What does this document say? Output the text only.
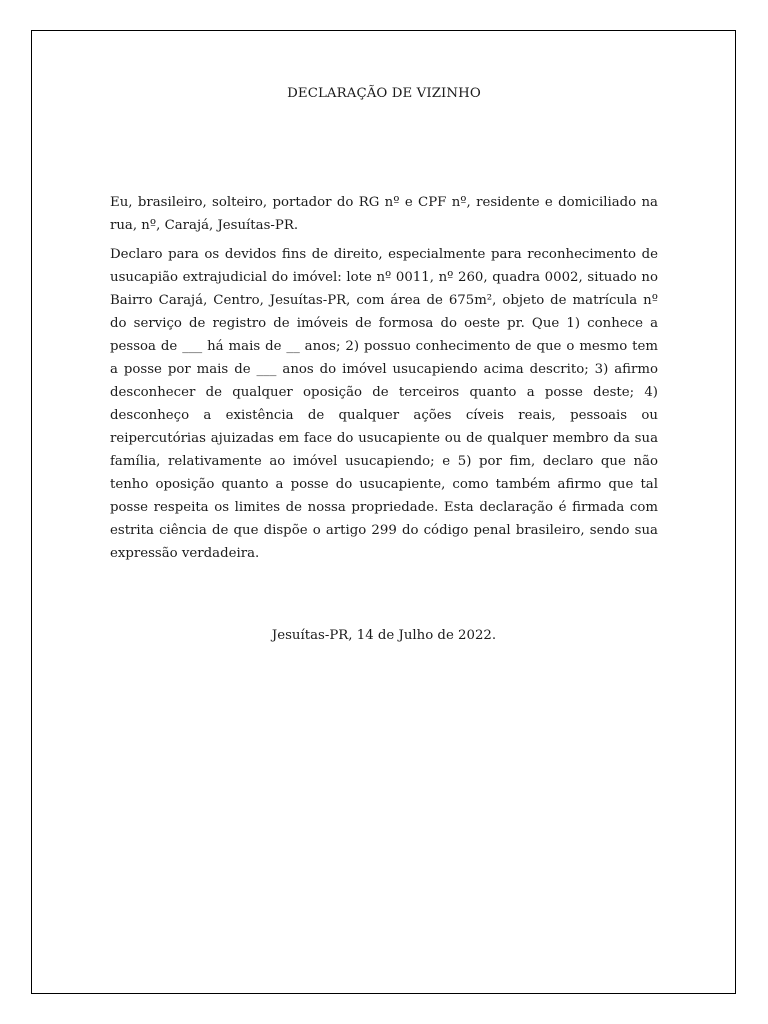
DECLARAÇÃO DE VIZINHO

Eu, brasileiro, solteiro, portador do RG nº e CPF nº, residente e domiciliado na rua, nº, Carajá, Jesuítas-PR.

Declaro para os devidos fins de direito, especialmente para reconhecimento de usucapião extrajudicial do imóvel: lote nº 0011, nº 260, quadra 0002, situado no Bairro Carajá, Centro, Jesuítas-PR, com área de 675m², objeto de matrícula nº do serviço de registro de imóveis de formosa do oeste pr. Que 1) conhece a pessoa de ___ há mais de __ anos; 2) possuo conhecimento de que o mesmo tem a posse por mais de ___ anos do imóvel usucapiendo acima descrito; 3) afirmo desconhecer de qualquer oposição de terceiros quanto a posse deste; 4) desconheço a existência de qualquer ações cíveis reais, pessoais ou reipercutórias ajuizadas em face do usucapiente ou de qualquer membro da sua família, relativamente ao imóvel usucapiendo; e 5) por fim, declaro que não tenho oposição quanto a posse do usucapiente, como também afirmo que tal posse respeita os limites de nossa propriedade. Esta declaração é firmada com estrita ciência de que dispõe o artigo 299 do código penal brasileiro, sendo sua expressão verdadeira.

Jesuítas-PR, 14 de Julho de 2022.
